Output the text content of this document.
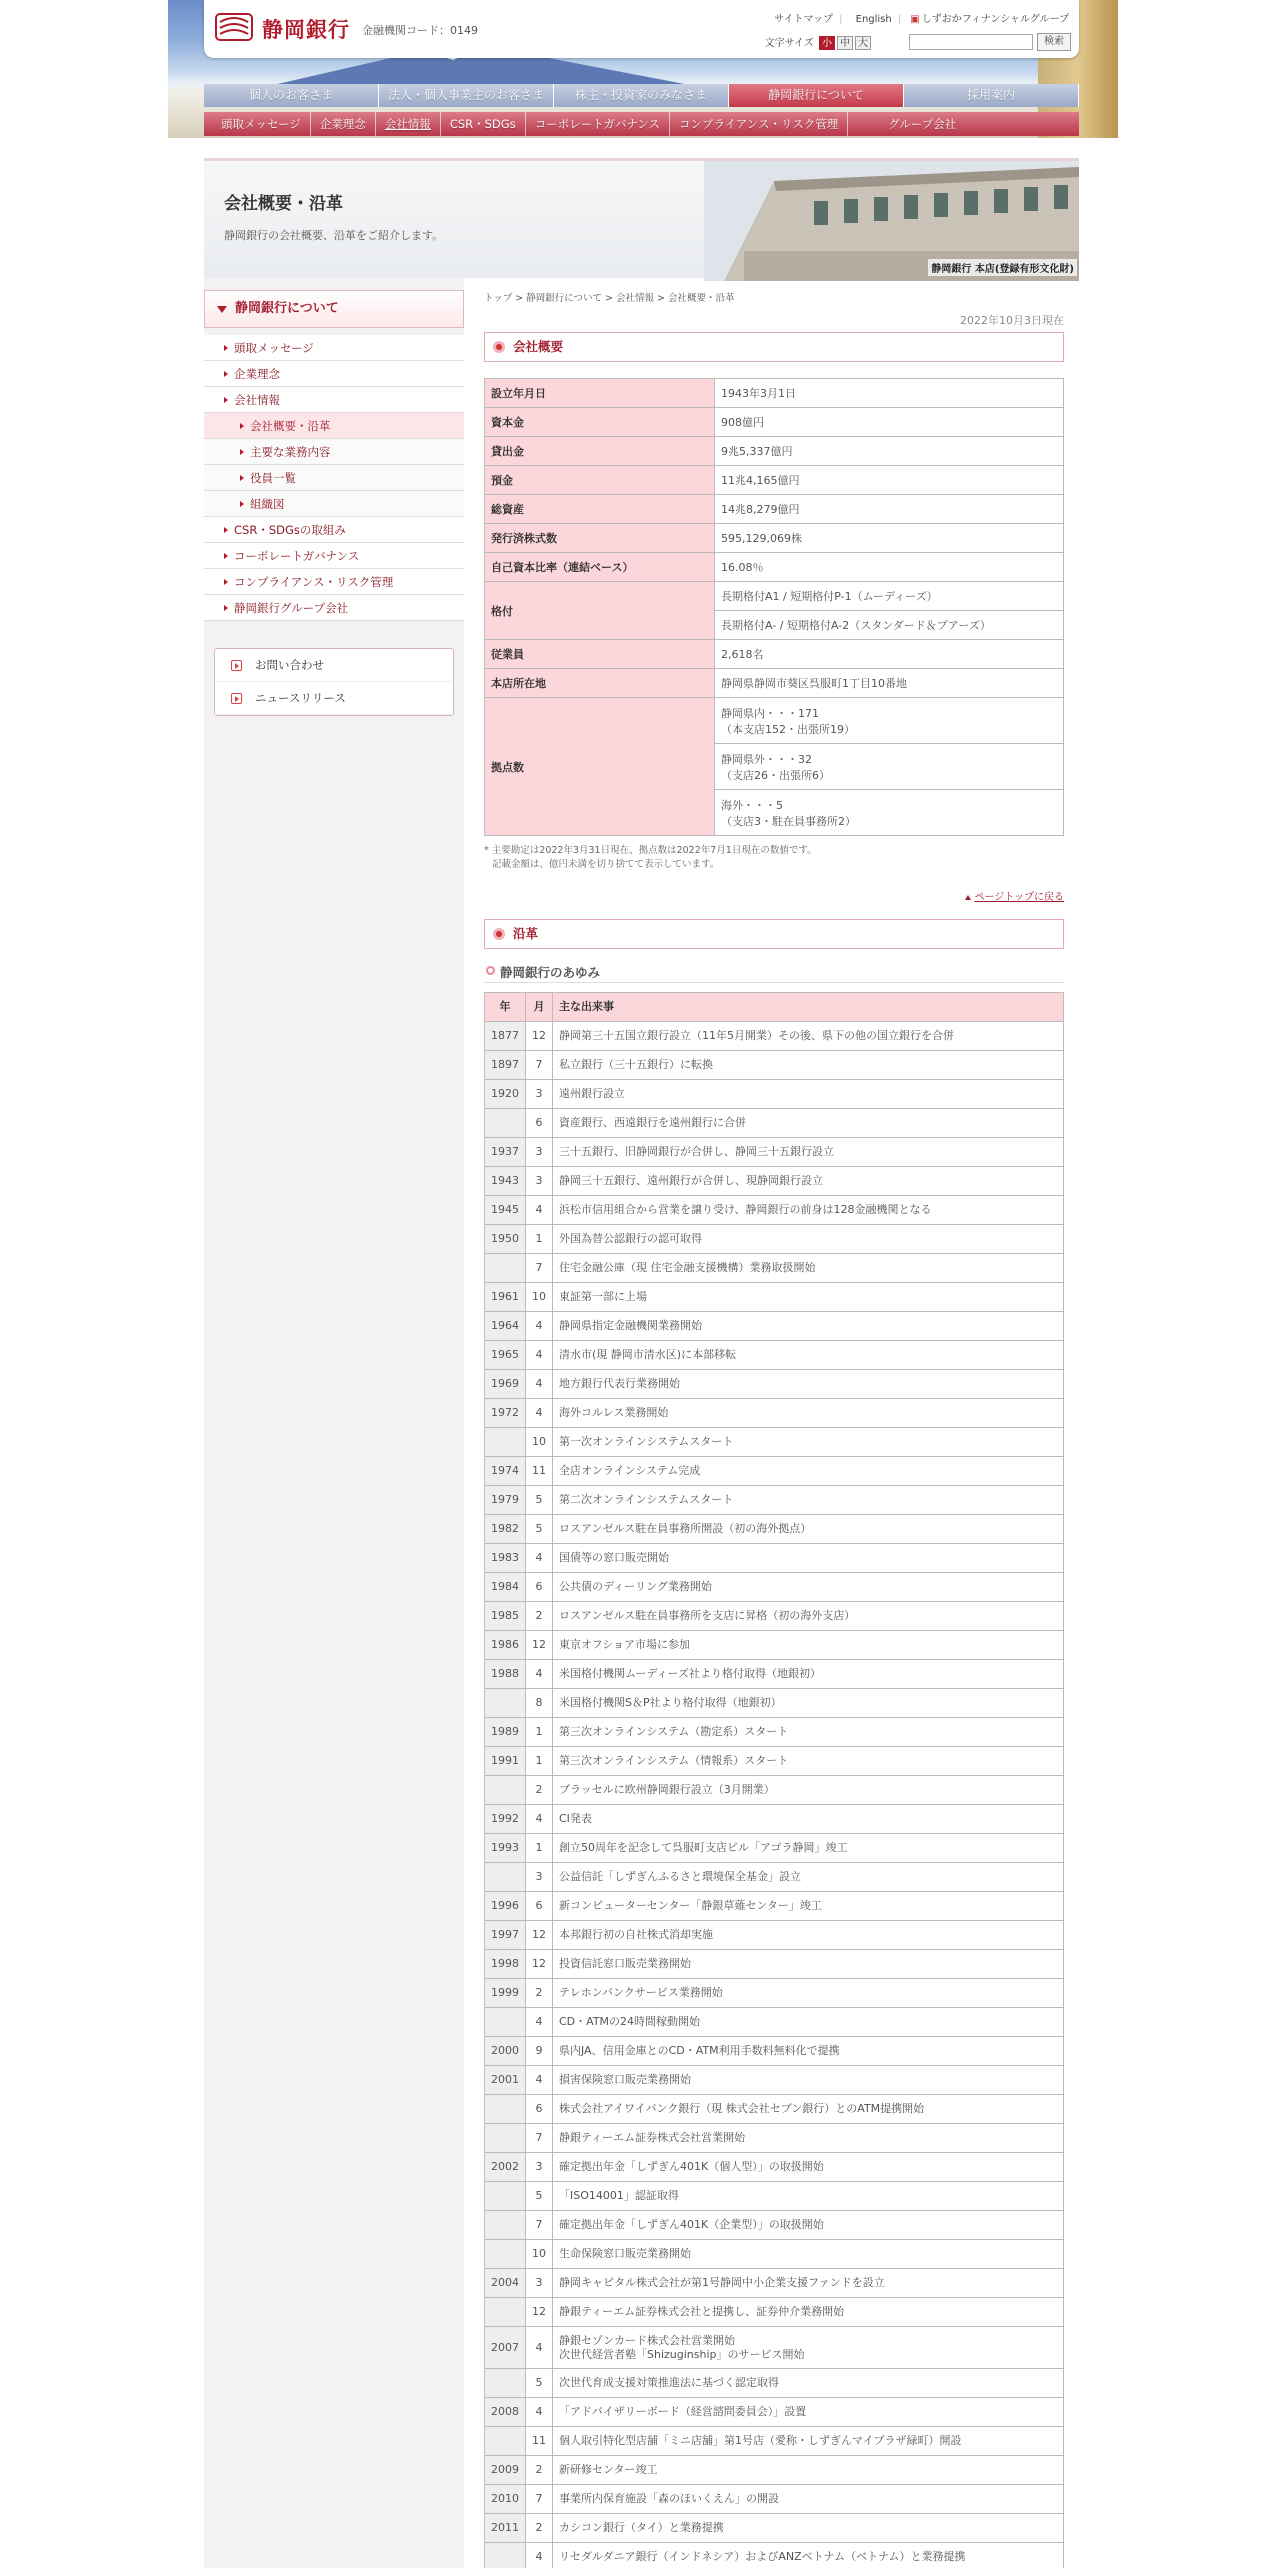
静岡銀行 金融機関コード：0149
サイトマップ | English | ▣ しずおかフィナンシャルグループ
文字サイズ 小 中 大	検索
個人のお客さま	法人・個人事業主のお客さま	株主・投資家のみなさま	静岡銀行について	採用案内
頭取メッセージ	企業理念	会社情報	CSR・SDGs	コーポレートガバナンス	コンプライアンス・リスク管理	グループ会社
会社概要・沿革
静岡銀行の会社概要、沿革をご紹介します。
静岡銀行 本店(登録有形文化財)
静岡銀行について
頭取メッセージ
企業理念
会社情報
会社概要・沿革
主要な業務内容
役員一覧
組織図
CSR・SDGsの取組み
コーポレートガバナンス
コンプライアンス・リスク管理
静岡銀行グループ会社
お問い合わせ
ニュースリリース
トップ > 静岡銀行について > 会社情報 > 会社概要・沿革
2022年10月3日現在
会社概要
設立年月日	1943年3月1日

資本金	908億円

貸出金	9兆5,337億円

預金	11兆4,165億円

総資産	14兆8,279億円

発行済株式数	595,129,069株

自己資本比率（連結ベース）	16.08％

格付	長期格付A1 / 短期格付P-1（ムーディーズ）

	長期格付A- / 短期格付A-2（スタンダード＆プアーズ）

従業員	2,618名

本店所在地	静岡県静岡市葵区呉服町1丁目10番地

拠点数	静岡県内・・・171
（本支店152・出張所19）

	静岡県外・・・32
（支店26・出張所6）

	海外・・・5
（支店3・駐在員事務所2）
* 主要勘定は2022年3月31日現在、拠点数は2022年7月1日現在の数値です。
記載金額は、億円未満を切り捨てて表示しています。
ページトップに戻る
沿革
静岡銀行のあゆみ
年	月	主な出来事
1877	12	静岡第三十五国立銀行設立（11年5月開業）その後、県下の他の国立銀行を合併

1897	7	私立銀行（三十五銀行）に転換

1920	3	遠州銀行設立

	6	資産銀行、西遠銀行を遠州銀行に合併

1937	3	三十五銀行、旧静岡銀行が合併し、静岡三十五銀行設立

1943	3	静岡三十五銀行、遠州銀行が合併し、現静岡銀行設立

1945	4	浜松市信用組合から営業を譲り受け、静岡銀行の前身は128金融機関となる

1950	1	外国為替公認銀行の認可取得

	7	住宅金融公庫（現 住宅金融支援機構）業務取扱開始

1961	10	東証第一部に上場

1964	4	静岡県指定金融機関業務開始

1965	4	清水市(現 静岡市清水区)に本部移転

1969	4	地方銀行代表行業務開始

1972	4	海外コルレス業務開始

	10	第一次オンラインシステムスタート

1974	11	全店オンラインシステム完成

1979	5	第二次オンラインシステムスタート

1982	5	ロスアンゼルス駐在員事務所開設（初の海外拠点）

1983	4	国債等の窓口販売開始

1984	6	公共債のディーリング業務開始

1985	2	ロスアンゼルス駐在員事務所を支店に昇格（初の海外支店）

1986	12	東京オフショア市場に参加

1988	4	米国格付機関ムーディーズ社より格付取得（地銀初）

	8	米国格付機関S＆P社より格付取得（地銀初）

1989	1	第三次オンラインシステム（勘定系）スタート

1991	1	第三次オンラインシステム（情報系）スタート

	2	ブラッセルに欧州静岡銀行設立（3月開業）

1992	4	CI発表

1993	1	創立50周年を記念して呉服町支店ビル「アゴラ静岡」竣工

	3	公益信託「しずぎんふるさと環境保全基金」設立

1996	6	新コンピューターセンター「静銀草薙センター」竣工

1997	12	本邦銀行初の自社株式消却実施

1998	12	投資信託窓口販売業務開始

1999	2	テレホンバンクサービス業務開始

	4	CD・ATMの24時間稼動開始

2000	9	県内JA、信用金庫とのCD・ATM利用手数料無料化で提携

2001	4	損害保険窓口販売業務開始

	6	株式会社アイワイバンク銀行（現 株式会社セブン銀行）とのATM提携開始

	7	静銀ティーエム証券株式会社営業開始

2002	3	確定拠出年金「しずぎん401K（個人型）」の取扱開始

	5	「ISO14001」認証取得

	7	確定拠出年金「しずぎん401K（企業型）」の取扱開始

	10	生命保険窓口販売業務開始

2004	3	静岡キャピタル株式会社が第1号静岡中小企業支援ファンドを設立

	12	静銀ティーエム証券株式会社と提携し、証券仲介業務開始

2007	4	静銀セゾンカード株式会社営業開始
次世代経営者塾「Shizuginship」のサービス開始

	5	次世代育成支援対策推進法に基づく認定取得

2008	4	「アドバイザリーボード（経営諮問委員会）」設置

	11	個人取引特化型店舗「ミニ店舗」第1号店（愛称・しずぎんマイプラザ緑町）開設

2009	2	新研修センター竣工

2010	7	事業所内保育施設「森のほいくえん」の開設

2011	2	カシコン銀行（タイ）と業務提携

	4	リセダルダニア銀行（インドネシア）およびANZベトナム（ベトナム）と業務提携
